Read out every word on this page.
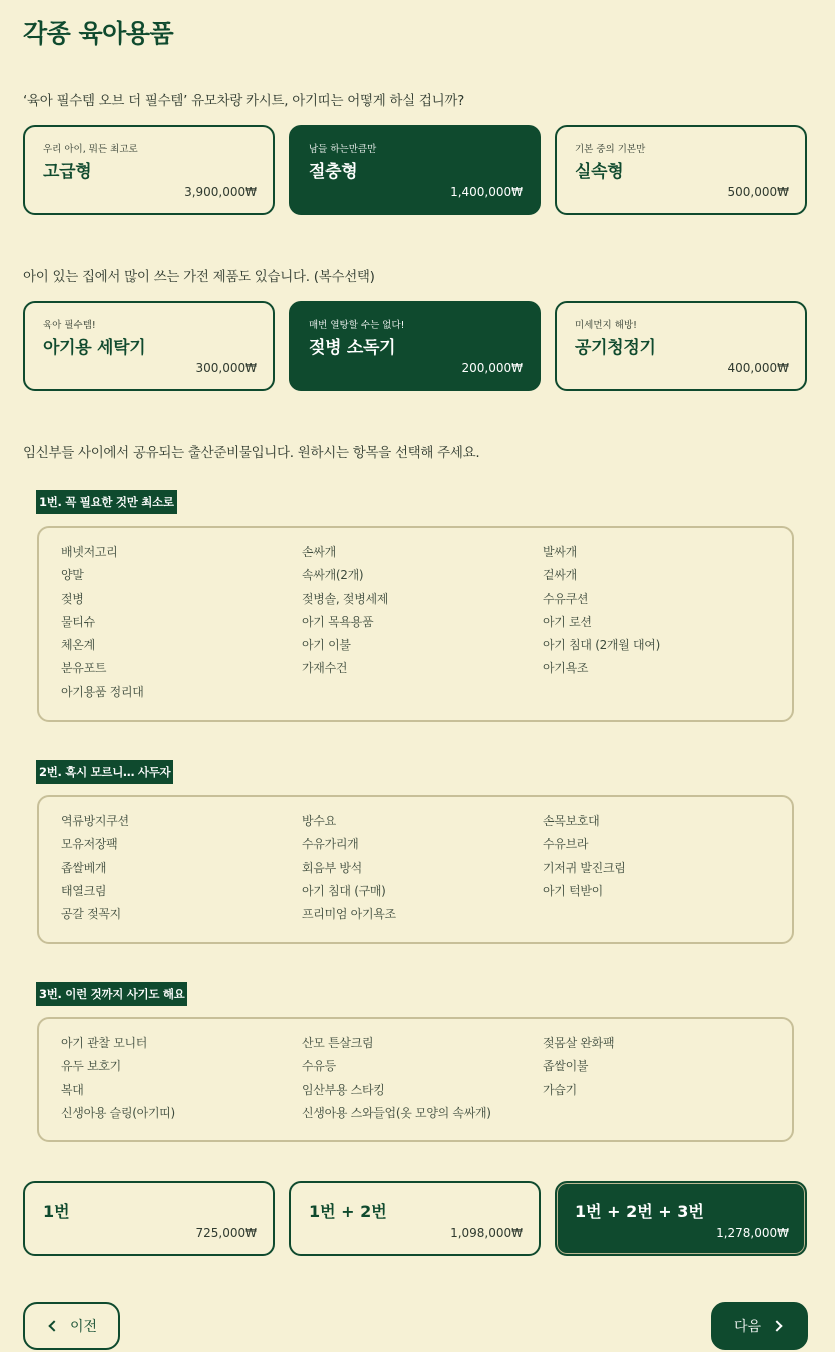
각종 육아용품
‘육아 필수템 오브 더 필수템’ 유모차랑 카시트, 아기띠는 어떻게 하실 겁니까?
우리 아이, 뭐든 최고로
고급형
3,900,000₩
남들 하는만큼만
절충형
1,400,000₩
기본 중의 기본만
실속형
500,000₩
아이 있는 집에서 많이 쓰는 가전 제품도 있습니다. (복수선택)
육아 필수템!
아기용 세탁기
300,000₩
매번 열탕할 수는 없다!
젖병 소독기
200,000₩
미세먼지 해방!
공기청정기
400,000₩
임신부들 사이에서 공유되는 출산준비물입니다. 원하시는 항목을 선택해 주세요.
1번. 꼭 필요한 것만 최소로
배넷저고리	손싸개	발싸개
양말	속싸개(2개)	겉싸개
젖병	젖병솔, 젖병세제	수유쿠션
물티슈	아기 목욕용품	아기 로션
체온계	아기 이불	아기 침대 (2개월 대여)
분유포트	가재수건	아기욕조
아기용품 정리대
2번. 혹시 모르니… 사두자
역류방지쿠션	방수요	손목보호대
모유저장팩	수유가리개	수유브라
좁쌀베개	회음부 방석	기저귀 발진크림
태열크림	아기 침대 (구매)	아기 턱받이
공갈 젖꼭지	프리미엄 아기욕조
3번. 이런 것까지 사기도 해요
아기 관찰 모니터	산모 튼살크림	젖몸살 완화팩
유두 보호기	수유등	좁쌀이불
복대	임산부용 스타킹	가습기
신생아용 슬링(아기띠)	신생아용 스와들업(옷 모양의 속싸개)
1번
725,000₩
1번 + 2번
1,098,000₩
1번 + 2번 + 3번
1,278,000₩
이전	다음
